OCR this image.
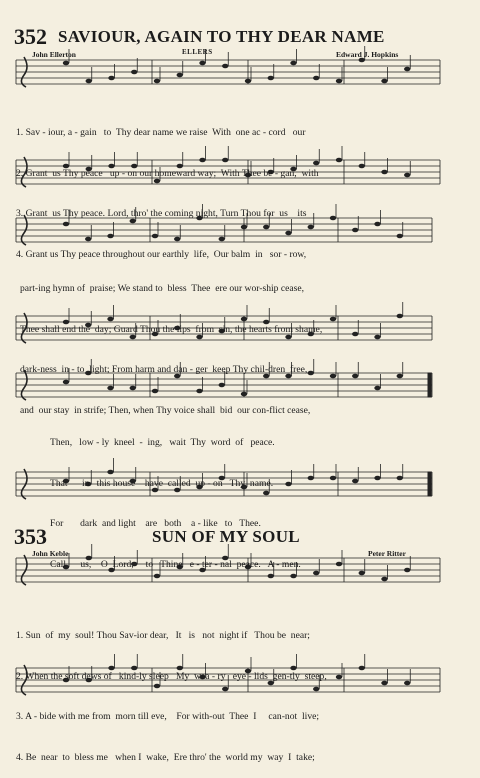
352 SAVIOUR, AGAIN TO THY DEAR NAME
John Ellerton	ELLERS	Edward J. Hopkins

1. Sav - iour, a - gain   to  Thy dear name we raise  With  one ac - cord   our

2. Grant  us Thy peace   up - on our homeward way;  With Thee be - gan,  with

3. Grant  us Thy peace. Lord, thro' the coming night, Turn Thou for  us    its

4. Grant us Thy peace throughout our earthly  life,  Our balm  in   sor - row,

part-ing hymn of  praise; We stand to  bless  Thee  ere our wor-ship cease,

Thee shall end the  day; Guard Thou the lips  from  sin, the hearts from shame,

dark-ness  in - to  light; From harm and dan - ger  keep Thy chil-dren  free,

and  our stay  in strife; Then, when Thy voice shall  bid  our con-flict cease,

Then,   low - ly  kneel  -  ing,   wait  Thy  word  of   peace.

That      in   this house    have  called  up - on   Thy  name.

For       dark  and light    are   both    a - like   to   Thee.

Call      us,    O  Lord,     to   Thine   e - ter - nal  peace.   A - men.

353	SUN OF MY SOUL
John Keble	Peter Ritter

1. Sun  of  my  soul! Thou Sav-ior dear,   It   is   not  night if   Thou be  near;

2. When the soft dews of   kind-ly sleep   My  wea - ry   eye - lids  gen-tly  steep,

3. A - bide with me from  morn till eve,    For with-out  Thee  I     can-not  live;

4. Be  near  to  bless me   when I  wake,  Ere thro' the  world my  way  I  take;
